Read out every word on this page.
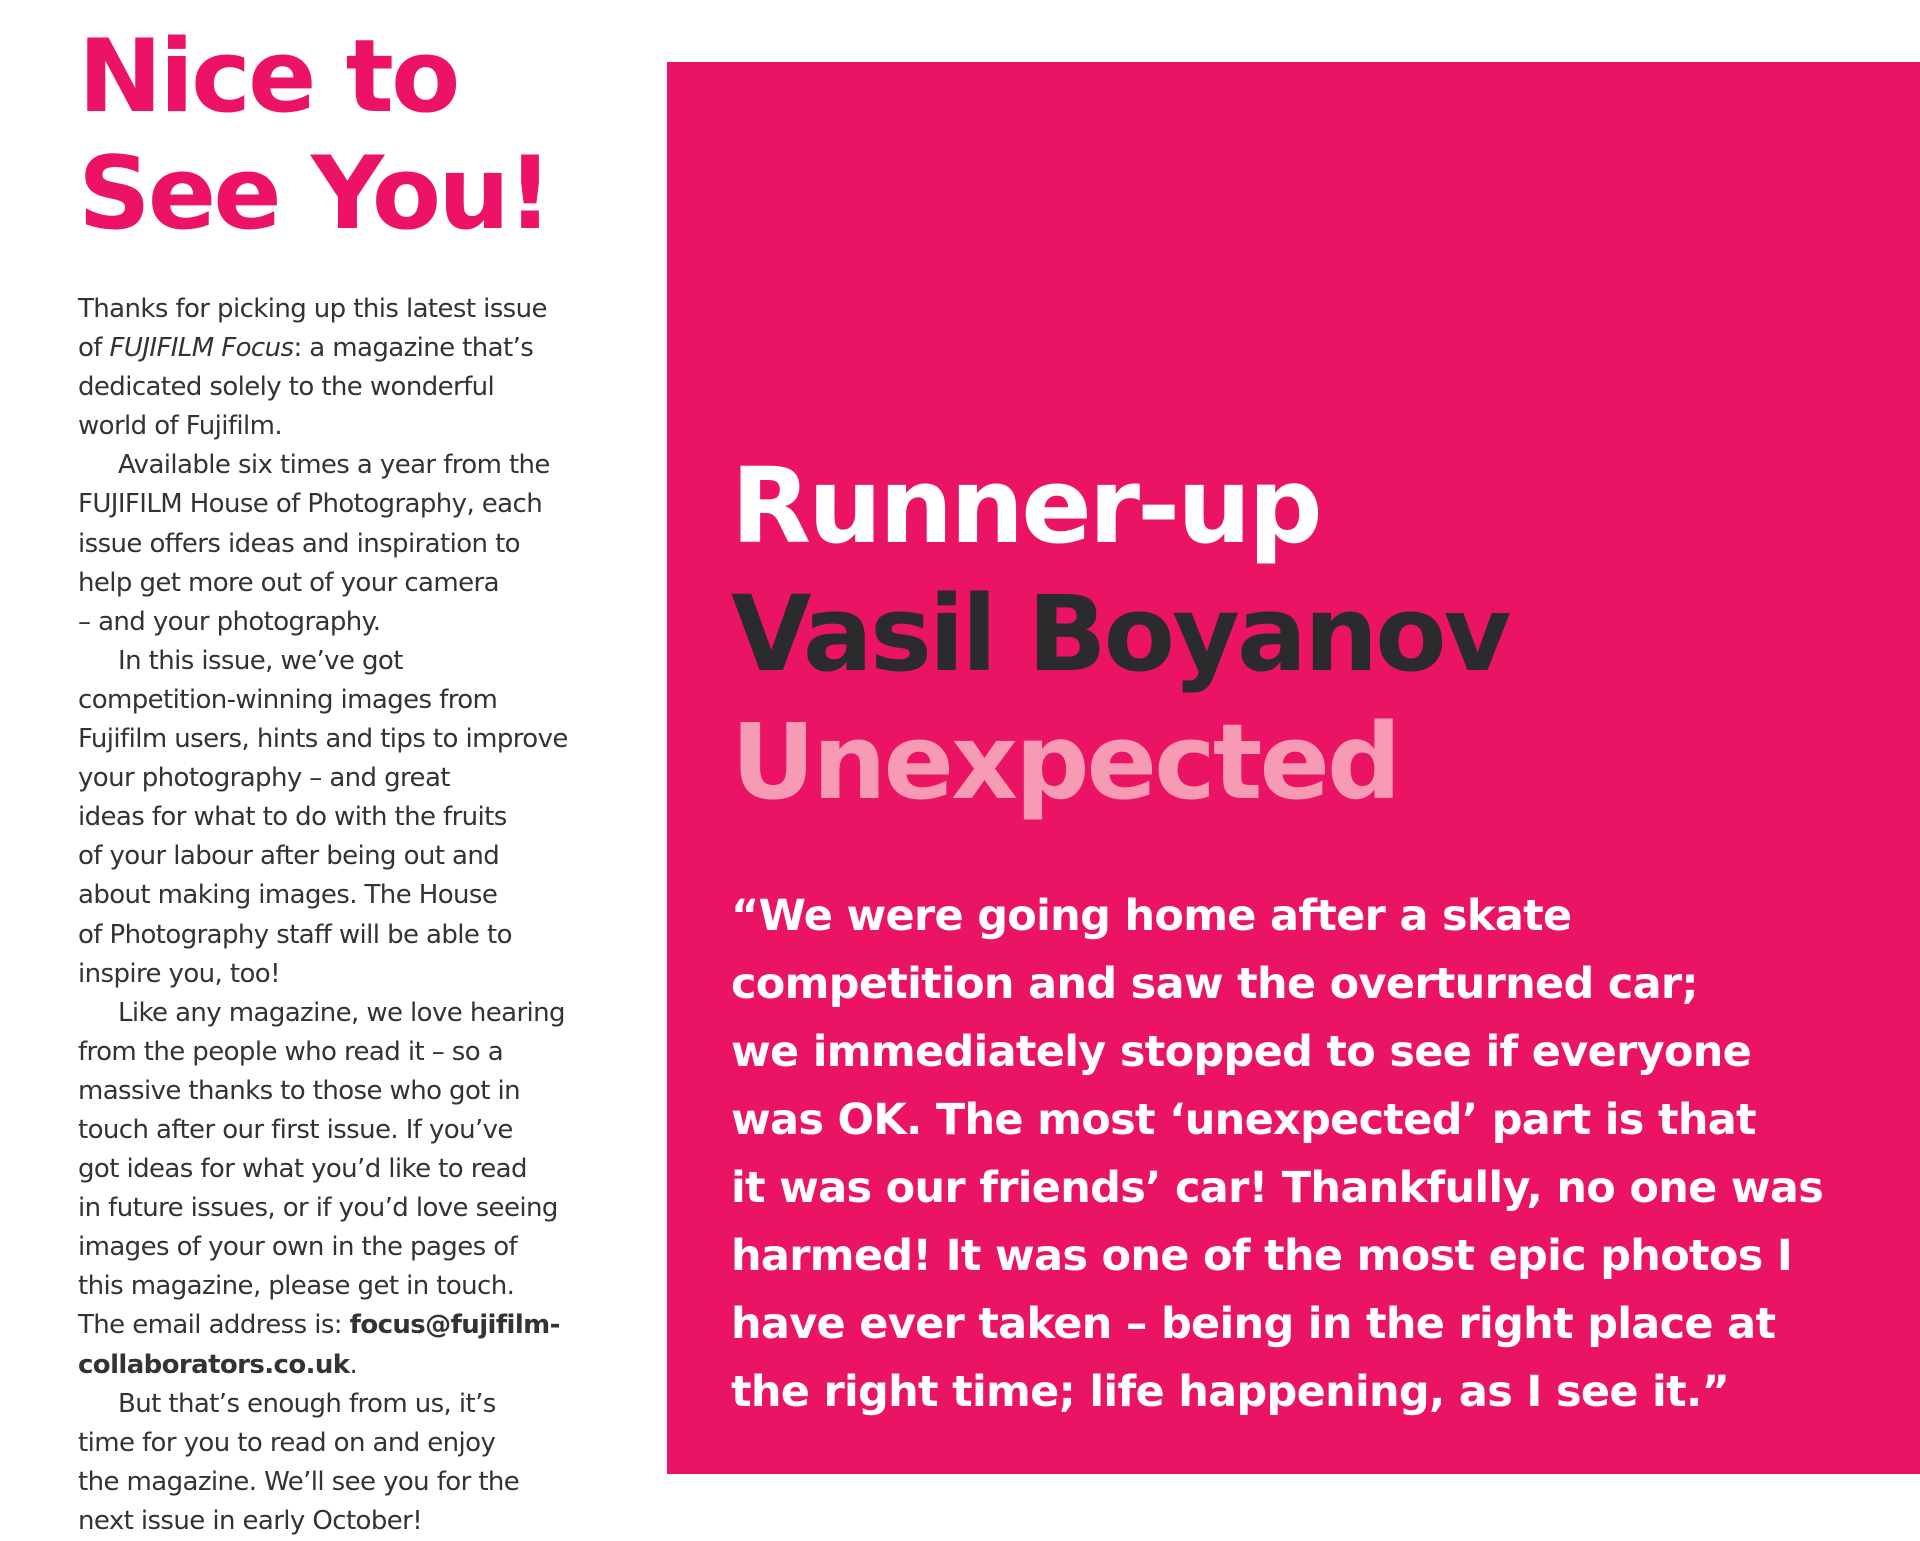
Nice to
See You!

Thanks for picking up this latest issue
of FUJIFILM Focus: a magazine that’s
dedicated solely to the wonderful
world of Fujifilm.

Available six times a year from the
FUJIFILM House of Photography, each
issue offers ideas and inspiration to
help get more out of your camera
– and your photography.

In this issue, we’ve got
competition-winning images from
Fujifilm users, hints and tips to improve
your photography – and great
ideas for what to do with the fruits
of your labour after being out and
about making images. The House
of Photography staff will be able to
inspire you, too!

Like any magazine, we love hearing
from the people who read it – so a
massive thanks to those who got in
touch after our first issue. If you’ve
got ideas for what you’d like to read
in future issues, or if you’d love seeing
images of your own in the pages of
this magazine, please get in touch.
The email address is: focus@fujifilm-
collaborators.co.uk.

But that’s enough from us, it’s
time for you to read on and enjoy
the magazine. We’ll see you for the
next issue in early October!

Runner-up
Vasil Boyanov
Unexpected
“We were going home after a skate
competition and saw the overturned car;
we immediately stopped to see if everyone
was OK. The most ‘unexpected’ part is that
it was our friends’ car! Thankfully, no one was
harmed! It was one of the most epic photos I
have ever taken – being in the right place at
the right time; life happening, as I see it.”
